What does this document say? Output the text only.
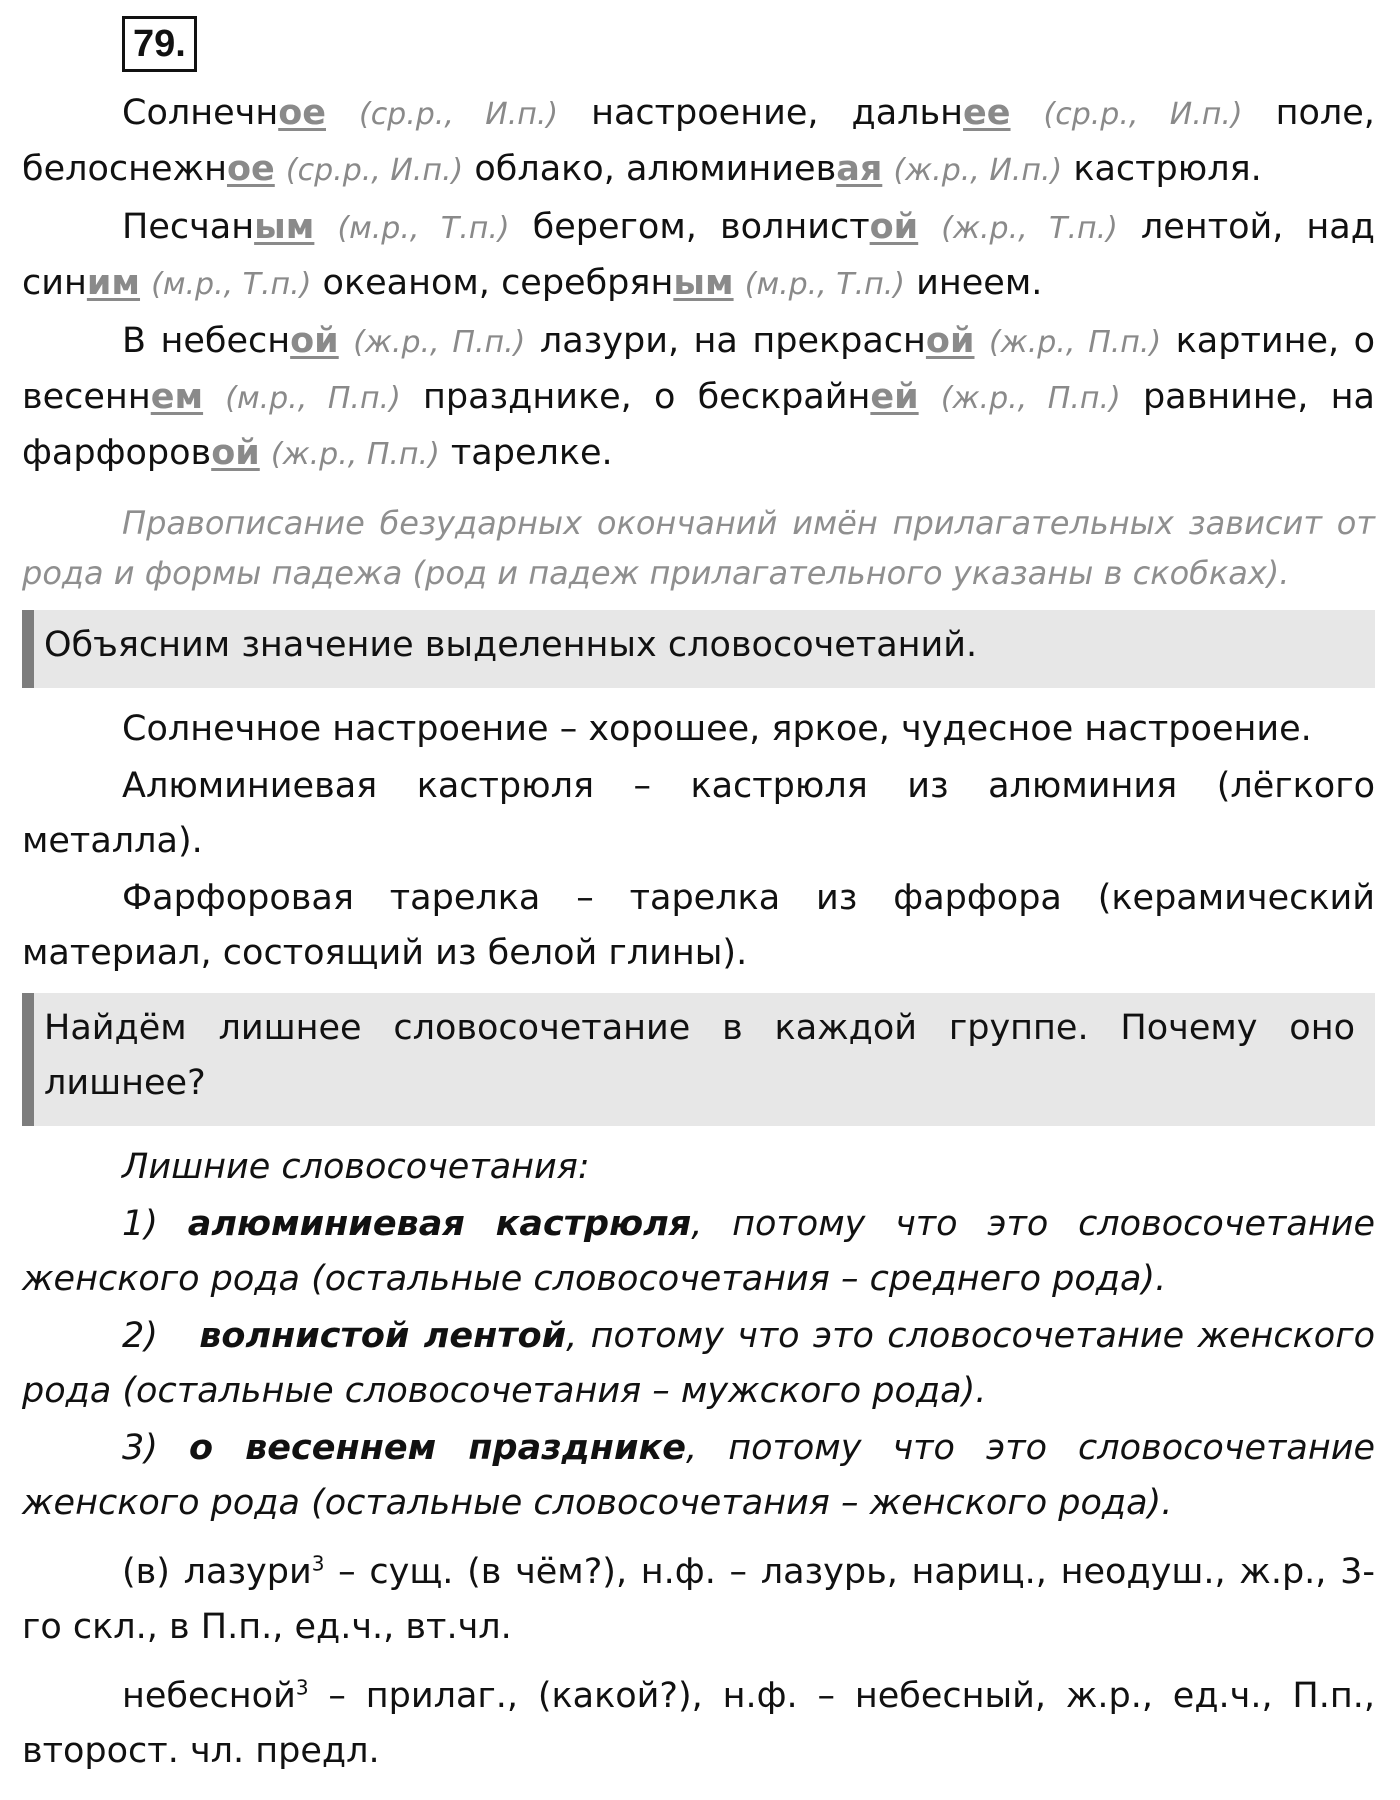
79.

Солнечное (ср.р., И.п.) настроение, дальнее (ср.р., И.п.) поле, белоснежное (ср.р., И.п.) облако, алюминиевая (ж.р., И.п.) кастрюля.

Песчаным (м.р., Т.п.) берегом, волнистой (ж.р., Т.п.) лентой, над синим (м.р., Т.п.) океаном, серебряным (м.р., Т.п.) инеем.

В небесной (ж.р., П.п.) лазури, на прекрасной (ж.р., П.п.) картине, о весеннем (м.р., П.п.) празднике, о бескрайней (ж.р., П.п.) равнине, на фарфоровой (ж.р., П.п.) тарелке.

Правописание безударных окончаний имён прилагательных зависит от рода и формы падежа (род и падеж прилагательного указаны в скобках).

Объясним значение выделенных словосочетаний.

Солнечное настроение – хорошее, яркое, чудесное настроение.

Алюминиевая кастрюля – кастрюля из алюминия (лёгкого металла).

Фарфоровая тарелка – тарелка из фарфора (керамический материал, состоящий из белой глины).

Найдём лишнее словосочетание в каждой группе. Почему оно лишнее?

Лишние словосочетания:

1) алюминиевая кастрюля, потому что это словосочетание женского рода (остальные словосочетания – среднего рода).

2) волнистой лентой, потому что это словосочетание женского рода (остальные словосочетания – мужского рода).

3) о весеннем празднике, потому что это словосочетание женского рода (остальные словосочетания – женского рода).

(в) лазури$^3$ – сущ. (в чём?), н.ф. – лазурь, нариц., неодуш., ж.р., 3-го скл., в П.п., ед.ч., вт.чл.

небесной$^3$ – прилаг., (какой?), н.ф. – небесный, ж.р., ед.ч., П.п., второст. чл. предл.
